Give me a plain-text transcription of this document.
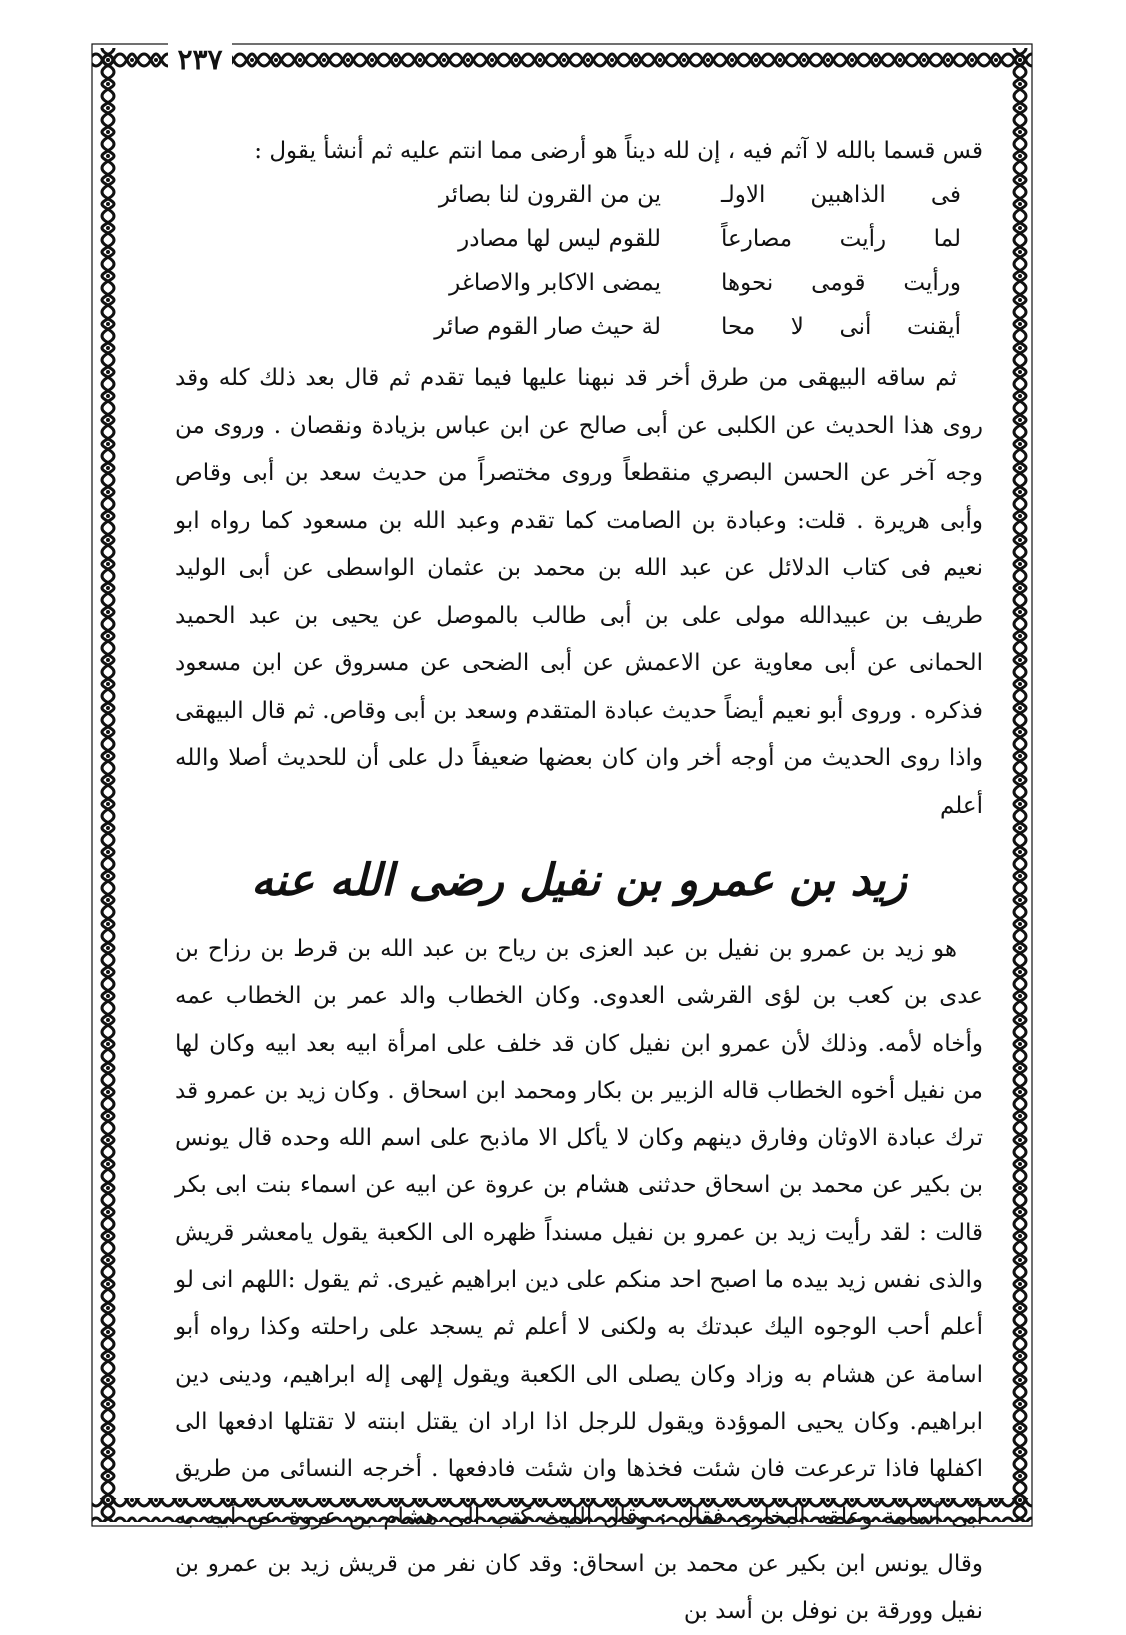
٢٣٧

قس قسما بالله لا آثم فيه ، إن لله ديناً هو أرضى مما انتم عليه ثم أنشأ يقول :

فى الذاهبين الاولـ
ين من القرون لنا بصائر
لما رأيت مصارعاً
للقوم ليس لها مصادر
ورأيت قومى نحوها
يمضى الاكابر والاصاغر
أيقنت أنى لا محا
لة حيث صار القوم صائر

ثم ساقه البيهقى من طرق أخر قد نبهنا عليها فيما تقدم ثم قال بعد ذلك كله وقد روى هذا الحديث عن الكلبى عن أبى صالح عن ابن عباس بزيادة ونقصان . وروى من وجه آخر عن الحسن البصري منقطعاً وروى مختصراً من حديث سعد بن أبى وقاص وأبى هريرة . قلت: وعبادة بن الصامت كما تقدم وعبد الله بن مسعود كما رواه ابو نعيم فى كتاب الدلائل عن عبد الله بن محمد بن عثمان الواسطى عن أبى الوليد طريف بن عبيدالله مولى على بن أبى طالب بالموصل عن يحيى بن عبد الحميد الحمانى عن أبى معاوية عن الاعمش عن أبى الضحى عن مسروق عن ابن مسعود فذكره . وروى أبو نعيم أيضاً حديث عبادة المتقدم وسعد بن أبى وقاص. ثم قال البيهقى واذا روى الحديث من أوجه أخر وان كان بعضها ضعيفاً دل على أن للحديث أصلا والله أعلم

زيد بن عمرو بن نفيل رضى الله عنه

هو زيد بن عمرو بن نفيل بن عبد العزى بن رياح بن عبد الله بن قرط بن رزاح بن عدى بن كعب بن لؤى القرشى العدوى. وكان الخطاب والد عمر بن الخطاب عمه وأخاه لأمه. وذلك لأن عمرو ابن نفيل كان قد خلف على امرأة ابيه بعد ابيه وكان لها من نفيل أخوه الخطاب قاله الزبير بن بكار ومحمد ابن اسحاق . وكان زيد بن عمرو قد ترك عبادة الاوثان وفارق دينهم وكان لا يأكل الا ماذبح على اسم الله وحده قال يونس بن بكير عن محمد بن اسحاق حدثنى هشام بن عروة عن ابيه عن اسماء بنت ابى بكر قالت : لقد رأيت زيد بن عمرو بن نفيل مسنداً ظهره الى الكعبة يقول يامعشر قريش والذى نفس زيد بيده ما اصبح احد منكم على دين ابراهيم غيرى. ثم يقول :اللهم انى لو أعلم أحب الوجوه اليك عبدتك به ولكنى لا أعلم ثم يسجد على راحلته وكذا رواه أبو اسامة عن هشام به وزاد وكان يصلى الى الكعبة ويقول إلهى إله ابراهيم، ودينى دين ابراهيم. وكان يحيى الموؤدة ويقول للرجل اذا اراد ان يقتل ابنته لا تقتلها ادفعها الى اكفلها فاذا ترعرعت فان شئت فخذها وان شئت فادفعها . أخرجه النسائى من طريق أبى أسامة وعلقه البخارى فقال : وقال الليث كتب الى هشام بن عروة عن أبيه به وقال يونس ابن بكير عن محمد بن اسحاق: وقد كان نفر من قريش زيد بن عمرو بن نفيل وورقة بن نوفل بن أسد بن
